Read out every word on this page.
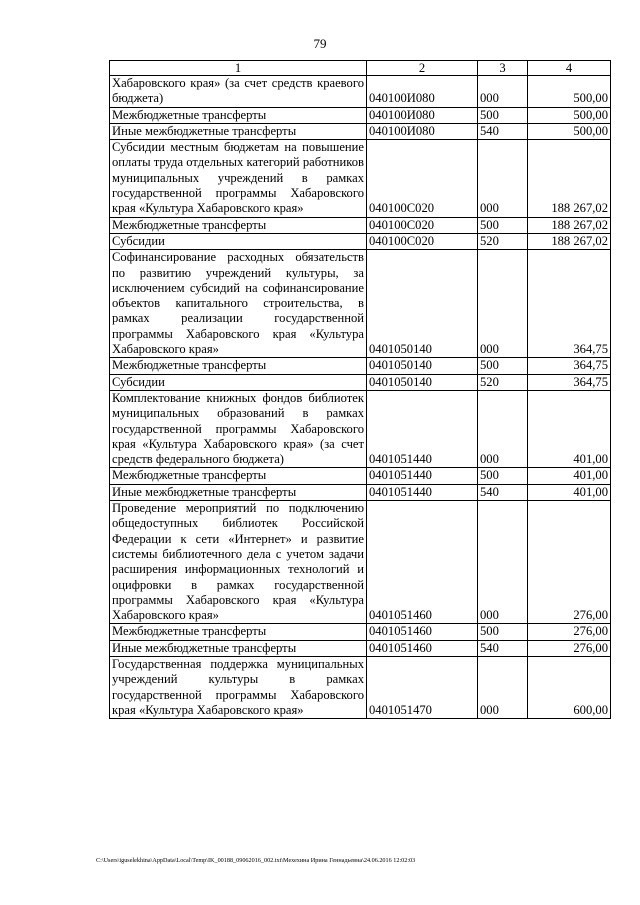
79
1	2	3	4
Хабаровского края» (за счет средств краевого бюджета)	040100И080	000	500,00
Межбюджетные трансферты	040100И080	500	500,00
Иные межбюджетные трансферты	040100И080	540	500,00
Субсидии местным бюджетам на повышение оплаты труда отдельных категорий работников муниципальных учреждений в рамках государственной программы Хабаровского края «Культура Хабаровского края»	040100С020	000	188 267,02
Межбюджетные трансферты	040100С020	500	188 267,02
Субсидии	040100С020	520	188 267,02
Софинансирование расходных обязательств по развитию учреждений культуры, за исключением субсидий на софинансирование объектов капитального строительства, в рамках реализации государственной программы Хабаровского края «Культура Хабаровского края»	0401050140	000	364,75
Межбюджетные трансферты	0401050140	500	364,75
Субсидии	0401050140	520	364,75
Комплектование книжных фондов библиотек муниципальных образований в рамках государственной программы Хабаровского края «Культура Хабаровского края» (за счет средств федерального бюджета)	0401051440	000	401,00
Межбюджетные трансферты	0401051440	500	401,00
Иные межбюджетные трансферты	0401051440	540	401,00
Проведение мероприятий по подключению общедоступных библиотек Российской Федерации к сети «Интернет» и развитие системы библиотечного дела с учетом задачи расширения информационных технологий и оцифровки в рамках государственной программы Хабаровского края «Культура Хабаровского края»	0401051460	000	276,00
Межбюджетные трансферты	0401051460	500	276,00
Иные межбюджетные трансферты	0401051460	540	276,00
Государственная поддержка муниципальных учреждений культуры в рамках государственной программы Хабаровского края «Культура Хабаровского края»	0401051470	000	600,00
C:\Users\iguselekhina\AppData\Local\Temp\IK_00188_09062016_002.txt\Мехехина Ирина Геннадьевна\24.06.2016 12:02:03
